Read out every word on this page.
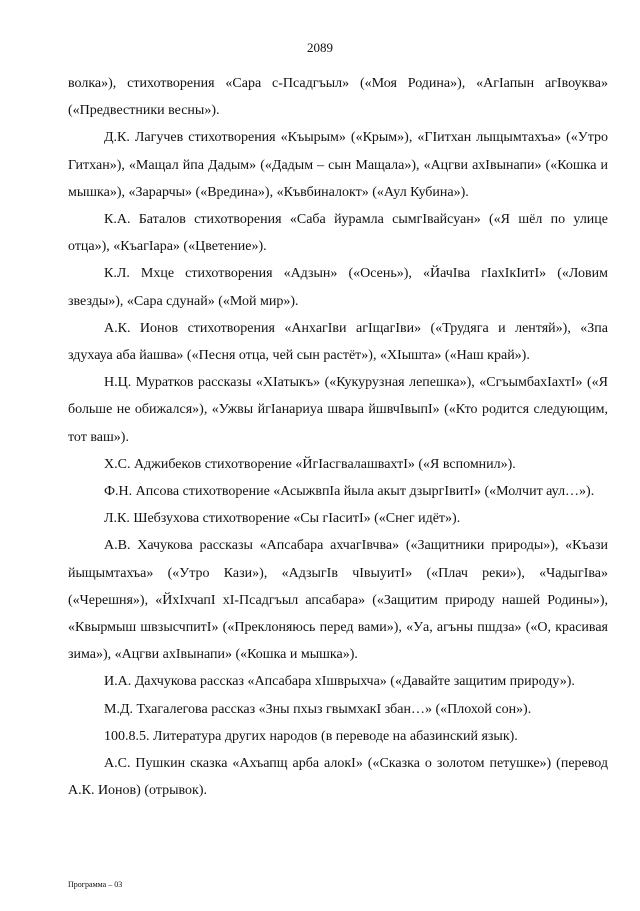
2089

волка»), стихотворения «Сара с-Псадгъыл» («Моя Родина»), «АгӀапын агӀвоуква» («Предвестники весны»).

Д.К. Лагучев стихотворения «Къырым» («Крым»), «ГӀитхан лыщымтахъа» («Утро Гитхан»), «Мащал йпа Дадым» («Дадым – сын Мащала»), «Ацгви ахӀвынапи» («Кошка и мышка»), «Зарарчы» («Вредина»), «Къвбиналокт» («Аул Кубина»).

К.А. Баталов стихотворения «Саба йурамла сымгӀвайсуан» («Я шёл по улице отца»), «КъагӀара» («Цветение»).

К.Л. Мхце стихотворения «Адзын» («Осень»), «ЙачӀва гӀахӀкӀитӀ» («Ловим звезды»), «Сара сдунай» («Мой мир»).

А.К. Ионов стихотворения «АнхагӀви агӀщагӀви» («Трудяга и лентяй»), «Зпа здухауа аба йашва» («Песня отца, чей сын растёт»), «ХӀышта» («Наш край»).

Н.Ц. Муратков рассказы «ХӀатыкъ» («Кукурузная лепешка»), «СгъымбахӀахтӀ» («Я больше не обижался»), «Ужвы йгӀанариуа швара йшвчӀвыпӀ» («Кто родится следующим, тот ваш»).

Х.С. Аджибеков стихотворение «ЙгӀасгвалашвахтӀ» («Я вспомнил»).

Ф.Н. Апсова стихотворение «АсыжвпӀа йыла акыт дзыргӀвитӀ» («Молчит аул…»).

Л.К. Шебзухова стихотворение «Сы гӀаситӀ» («Снег идёт»).

А.В. Хачукова рассказы «Апсабара ахчагӀвчва» («Защитники природы»), «Къази йыщымтахъа» («Утро Кази»), «АдзыгӀв чӀвыуитӀ» («Плач реки»), «ЧадыгӀва» («Черешня»), «ЙхӀхчапӀ хӀ-Псадгъыл апсабара» («Защитим природу нашей Родины»), «Квырмыш швзысчпитӀ» («Преклоняюсь перед вами»), «Уа, агъны пшдза» («О, красивая зима»), «Ацгви ахӀвынапи» («Кошка и мышка»).

И.А. Дахчукова рассказ «Апсабара хӀшврыхча» («Давайте защитим природу»).

М.Д. Тхагалегова рассказ «Зны пхыз гвымхакӀ збан…» («Плохой сон»).

100.8.5. Литература других народов (в переводе на абазинский язык).

А.С. Пушкин сказка «Ахъапщ арба алокӀ» («Сказка о золотом петушке») (перевод А.К. Ионов) (отрывок).

Программа – 03
